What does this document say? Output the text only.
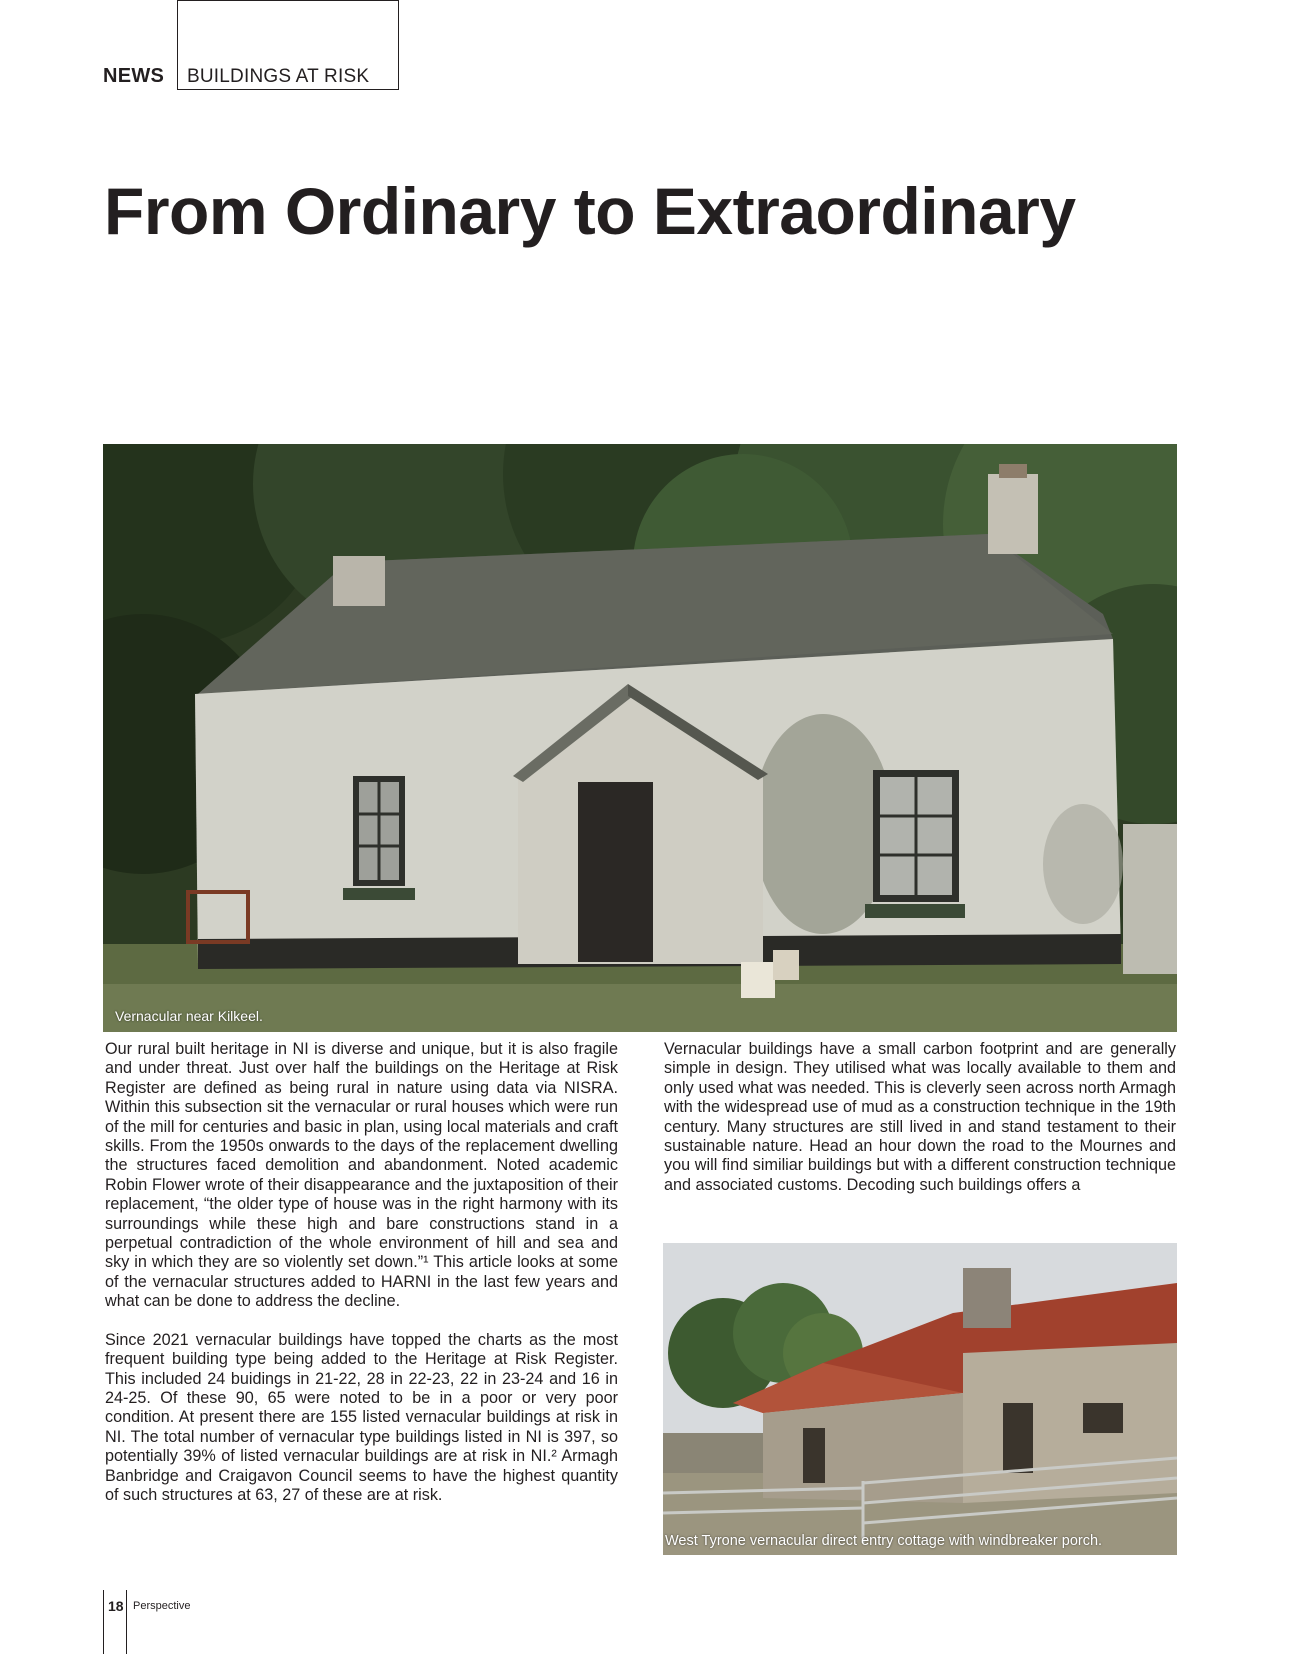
NEWS BUILDINGS AT RISK
From Ordinary to Extraordinary
Vernacular near Kilkeel.

Our rural built heritage in NI is diverse and unique, but it is also fragile and under threat. Just over half the buildings on the Heritage at Risk Register are defined as being rural in nature using data via NISRA. Within this subsection sit the vernacular or rural houses which were run of the mill for centuries and basic in plan, using local materials and craft skills. From the 1950s onwards to the days of the replacement dwelling the structures faced demolition and abandonment. Noted academic Robin Flower wrote of their disappearance and the juxtaposition of their replacement, “the older type of house was in the right harmony with its surroundings while these high and bare constructions stand in a perpetual contradiction of the whole environment of hill and sea and sky in which they are so violently set down.”¹ This article looks at some of the vernacular structures added to HARNI in the last few years and what can be done to address the decline.

Since 2021 vernacular buildings have topped the charts as the most frequent building type being added to the Heritage at Risk Register. This included 24 buidings in 21-22, 28 in 22-23, 22 in 23-24 and 16 in 24-25. Of these 90, 65 were noted to be in a poor or very poor condition. At present there are 155 listed vernacular buildings at risk in NI. The total number of vernacular type buildings listed in NI is 397, so potentially 39% of listed vernacular buildings are at risk in NI.² Armagh Banbridge and Craigavon Council seems to have the highest quantity of such structures at 63, 27 of these are at risk.

Vernacular buildings have a small carbon footprint and are generally simple in design. They utilised what was locally available to them and only used what was needed. This is cleverly seen across north Armagh with the widespread use of mud as a construction technique in the 19th century. Many structures are still lived in and stand testament to their sustainable nature. Head an hour down the road to the Mournes and you will find similiar buildings but with a different construction technique and associated customs. Decoding such buildings offers a

West Tyrone vernacular direct entry cottage with windbreaker porch.
18 Perspective
